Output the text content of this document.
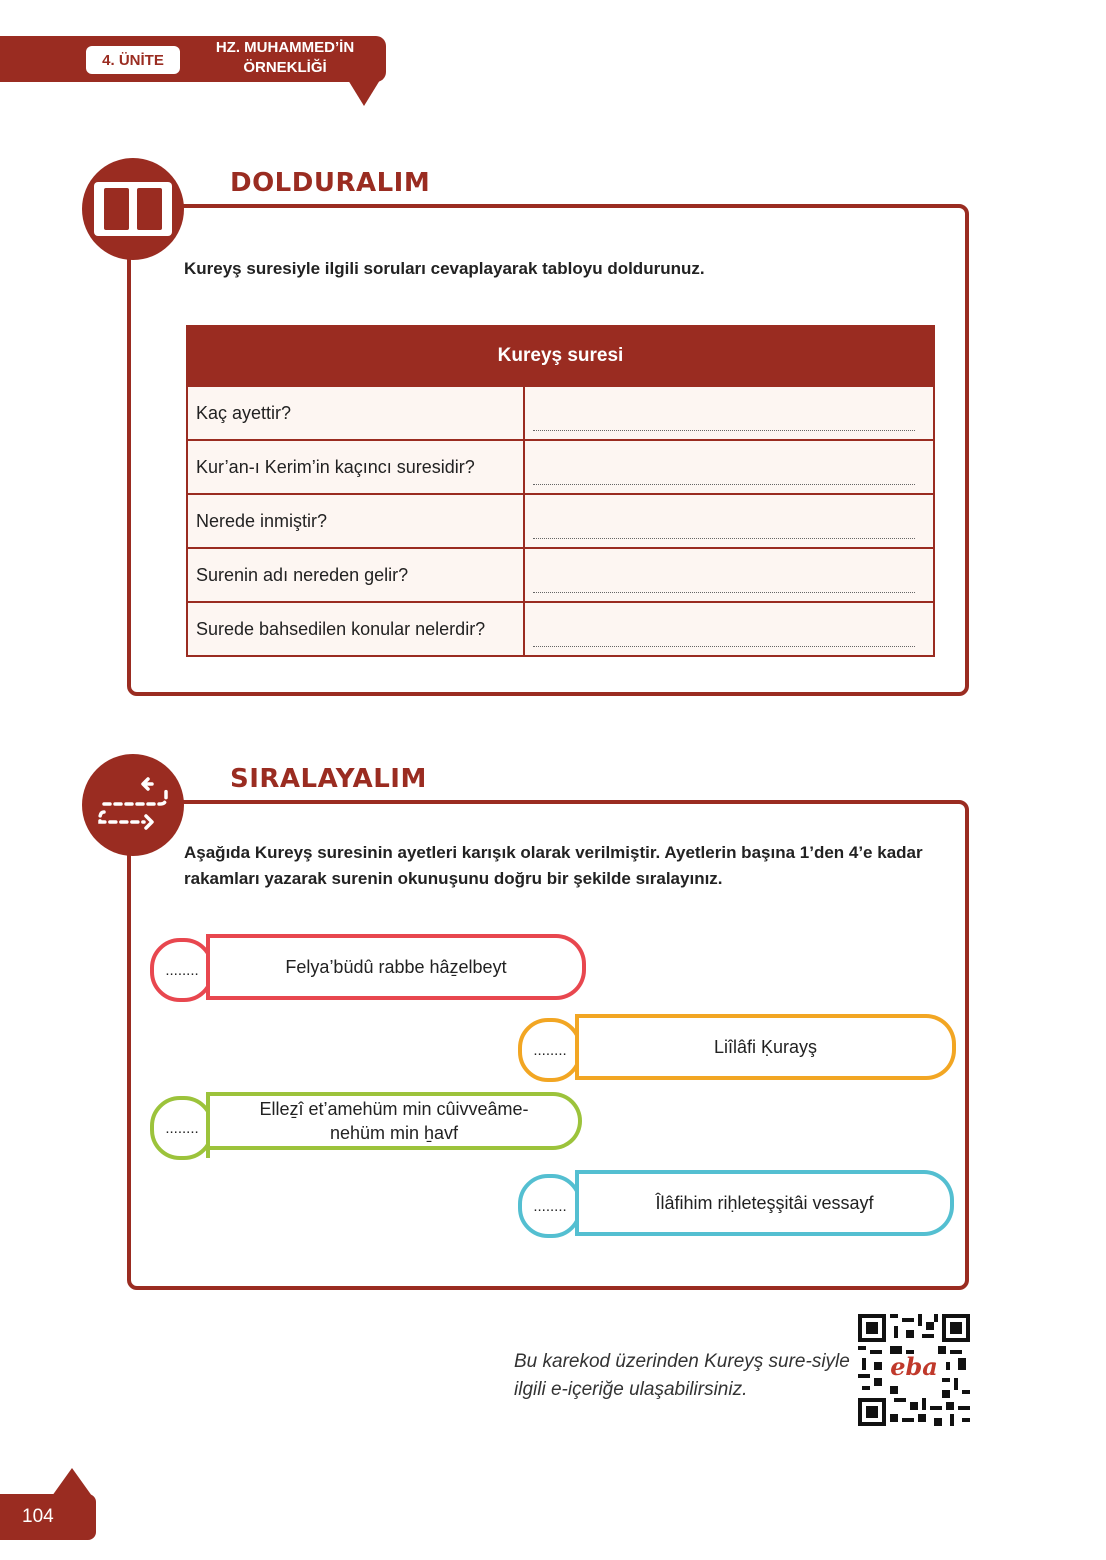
4. ÜNİTE
HZ. MUHAMMED’İN ÖRNEKLİĞİ
DOLDURALIM
Kureyş suresiyle ilgili soruları cevaplayarak tabloyu doldurunuz.
Kureyş suresi	
Kaç ayettir?	

Kur’an-ı Kerim’in kaçıncı suresidir?	

Nerede inmiştir?	

Surenin adı nereden gelir?	

Surede bahsedilen konular nelerdir?	
SIRALAYALIM
Aşağıda Kureyş suresinin ayetleri karışık olarak verilmiştir. Ayetlerin başına 1’den 4’e kadar rakamları yazarak surenin okunuşunu doğru bir şekilde sıralayınız.
........	Felya’büdû rabbe hâẕelbeyt
........	Liîlâfi Ḳurayş
........
Elleẕî et’amehüm min cûivveâme-nehüm min ẖavf
........	Îlâfihim riḥleteşşitâi vessayf
Bu karekod üzerinden Kureyş sure-siyle ilgili e-içeriğe ulaşabilirsiniz.
eba
104
